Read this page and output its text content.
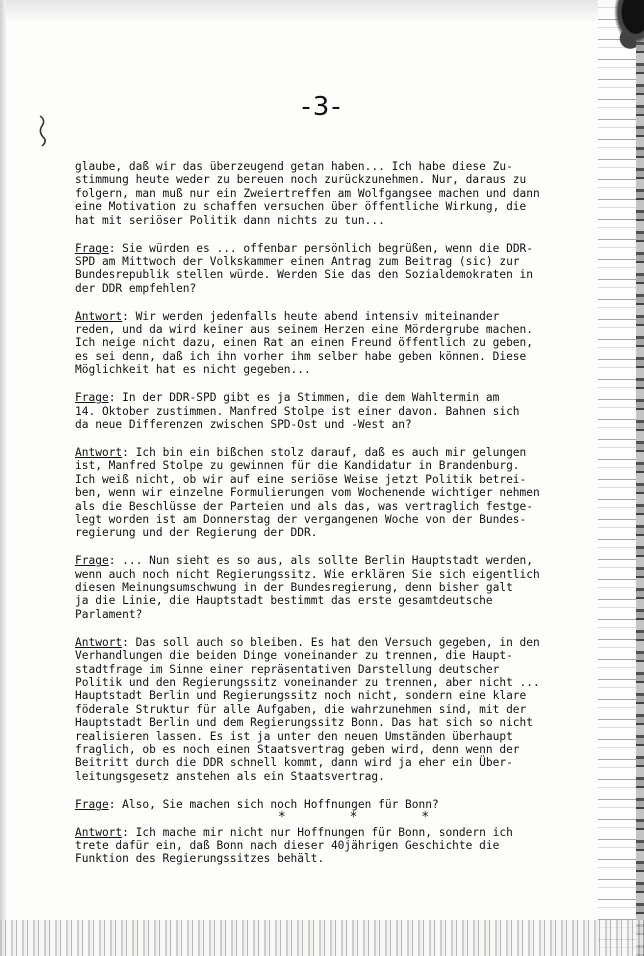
-3-

glaube, daß wir das überzeugend getan haben... Ich habe diese Zu-
stimmung heute weder zu bereuen noch zurückzunehmen. Nur, daraus zu
folgern, man muß nur ein Zweiertreffen am Wolfgangsee machen und dann
eine Motivation zu schaffen versuchen über öffentliche Wirkung, die
hat mit seriöser Politik dann nichts zu tun...

Frage: Sie würden es ... offenbar persönlich begrüßen, wenn die DDR-
SPD am Mittwoch der Volkskammer einen Antrag zum Beitrag (sic) zur
Bundesrepublik stellen würde. Werden Sie das den Sozialdemokraten in
der DDR empfehlen?

Antwort: Wir werden jedenfalls heute abend intensiv miteinander
reden, und da wird keiner aus seinem Herzen eine Mördergrube machen.
Ich neige nicht dazu, einen Rat an einen Freund öffentlich zu geben,
es sei denn, daß ich ihn vorher ihm selber habe geben können. Diese
Möglichkeit hat es nicht gegeben...

Frage: In der DDR-SPD gibt es ja Stimmen, die dem Wahltermin am
14. Oktober zustimmen. Manfred Stolpe ist einer davon. Bahnen sich
da neue Differenzen zwischen SPD-Ost und -West an?

Antwort: Ich bin ein bißchen stolz darauf, daß es auch mir gelungen
ist, Manfred Stolpe zu gewinnen für die Kandidatur in Brandenburg.
Ich weiß nicht, ob wir auf eine seriöse Weise jetzt Politik betrei-
ben, wenn wir einzelne Formulierungen vom Wochenende wichtiger nehmen
als die Beschlüsse der Parteien und als das, was vertraglich festge-
legt worden ist am Donnerstag der vergangenen Woche von der Bundes-
regierung und der Regierung der DDR.

Frage: ... Nun sieht es so aus, als sollte Berlin Hauptstadt werden,
wenn auch noch nicht Regierungssitz. Wie erklären Sie sich eigentlich
diesen Meinungsumschwung in der Bundesregierung, denn bisher galt
ja die Linie, die Hauptstadt bestimmt das erste gesamtdeutsche
Parlament?

Antwort: Das soll auch so bleiben. Es hat den Versuch gegeben, in den
Verhandlungen die beiden Dinge voneinander zu trennen, die Haupt-
stadtfrage im Sinne einer repräsentativen Darstellung deutscher
Politik und den Regierungssitz voneinander zu trennen, aber nicht ...
Hauptstadt Berlin und Regierungssitz noch nicht, sondern eine klare
föderale Struktur für alle Aufgaben, die wahrzunehmen sind, mit der
Hauptstadt Berlin und dem Regierungssitz Bonn. Das hat sich so nicht
realisieren lassen. Es ist ja unter den neuen Umständen überhaupt
fraglich, ob es noch einen Staatsvertrag geben wird, denn wenn der
Beitritt durch die DDR schnell kommt, dann wird ja eher ein Über-
leitungsgesetz anstehen als ein Staatsvertrag.

Frage: Also, Sie machen sich noch Hoffnungen für Bonn?

Antwort: Ich mache mir nicht nur Hoffnungen für Bonn, sondern ich
trete dafür ein, daß Bonn nach dieser 40jährigen Geschichte die
Funktion des Regierungssitzes behält.

* * *
